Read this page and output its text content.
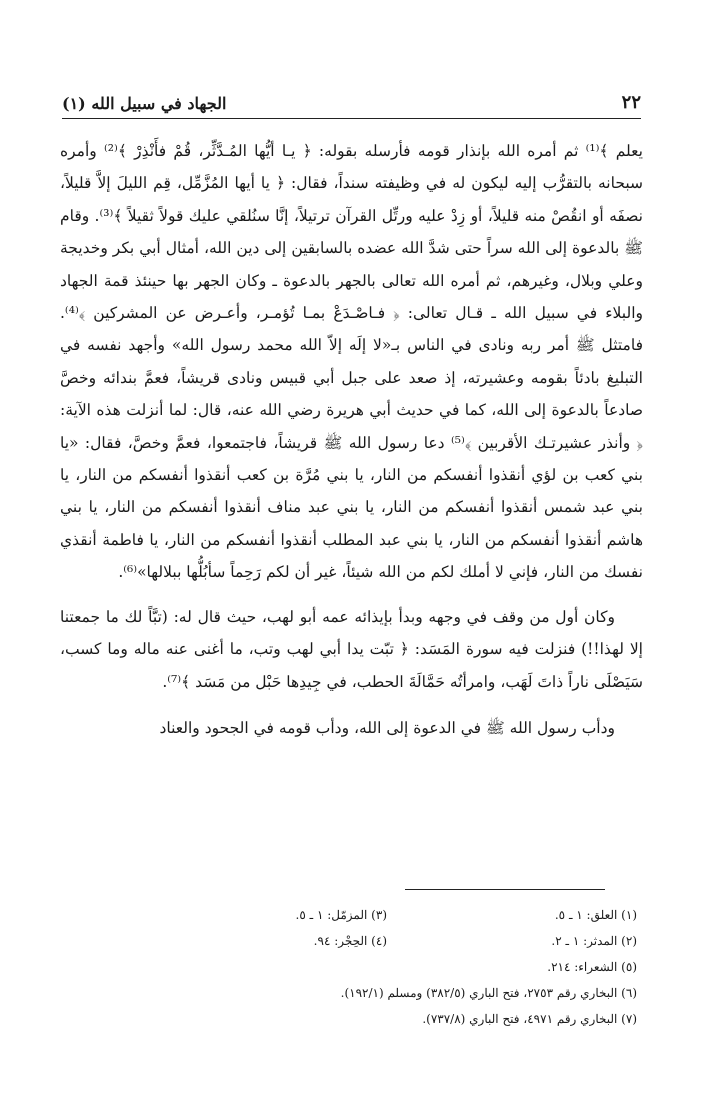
٢٢
الجهاد في سبيل الله (١)

يعلم ﴾⁽¹⁾ ثم أمره الله بإنذار قومه فأرسله بقوله: ﴿ يـا أيُّها المُـدَّثِّر، قُمْ فأَنْذِرْ ﴾⁽²⁾ وأمره سبحانه بالتقرُّب إليه ليكون له في وظيفته سنداً، فقال: ﴿ يا أيها المُزَّمِّل، قِم الليلَ إلاَّ قليلاً، نصفَه أو انقُصْ منه قليلاً، أو زِدْ عليه ورتِّل القرآن ترتيلاً، إنَّا سنُلقي عليك قولاً ثقيلاً ﴾⁽³⁾. وقام ﷺ بالدعوة إلى الله سراً حتى شدَّ الله عضده بالسابقين إلى دين الله، أمثال أبي بكر وخديجة وعلي وبلال، وغيرهم، ثم أمره الله تعالى بالجهر بالدعوة ـ وكان الجهر بها حينئذ قمة الجهاد والبلاء في سبيل الله ـ قـال تعالى: ﴿ فـاصْـدَعْ بمـا تُؤمـر، وأعـرض عن المشركين ﴾⁽⁴⁾. فامتثل ﷺ أمر ربه ونادى في الناس بـ«لا إلَه إلاّ الله محمد رسول الله» وأجهد نفسه في التبليغ بادئاً بقومه وعشيرته، إذ صعد على جبل أبي قبيس ونادى قريشاً، فعمَّ بندائه وخصَّ صادعاً بالدعوة إلى الله، كما في حديث أبي هريرة رضي الله عنه، قال: لما أنزلت هذه الآية: ﴿ وأنذر عشيرتـك الأقربين ﴾⁽⁵⁾ دعا رسول الله ﷺ قريشاً، فاجتمعوا، فعمَّ وخصَّ، فقال: «يا بني كعب بن لؤي أنقذوا أنفسكم من النار، يا بني مُرَّة بن كعب أنقذوا أنفسكم من النار، يا بني عبد شمس أنقذوا أنفسكم من النار، يا بني عبد مناف أنقذوا أنفسكم من النار، يا بني هاشم أنقذوا أنفسكم من النار، يا بني عبد المطلب أنقذوا أنفسكم من النار، يا فاطمة أنقذي نفسك من النار، فإني لا أملك لكم من الله شيئاً، غير أن لكم رَحِماً سأبُلُّها ببلالها»⁽⁶⁾.

وكان أول من وقف في وجهه وبدأ بإيذائه عمه أبو لهب، حيث قال له: (تبَّاً لك ما جمعتنا إلا لهذا!!) فنزلت فيه سورة المَسَد: ﴿ تبّت يدا أبي لهب وتب، ما أغنى عنه ماله وما كسب، سَيَصْلَى ناراً ذاتَ لَهَب، وامرأتُه حَمَّالَةَ الحطب، في جِيدِها حَبْل من مَسَد ﴾⁽⁷⁾.

ودأب رسول الله ﷺ في الدعوة إلى الله، ودأب قومه في الجحود والعناد

(١) العلق: ١ ـ ٥.
(٣) المزمّل: ١ ـ ٥.
(٢) المدثر: ١ ـ ٢.
(٤) الحِجْر: ٩٤.
(٥) الشعراء: ٢١٤.
(٦) البخاري رقم ٢٧٥٣، فتح الباري (٣٨٢/٥) ومسلم (١٩٢/١).
(٧) البخاري رقم ٤٩٧١، فتح الباري (٧٣٧/٨).
